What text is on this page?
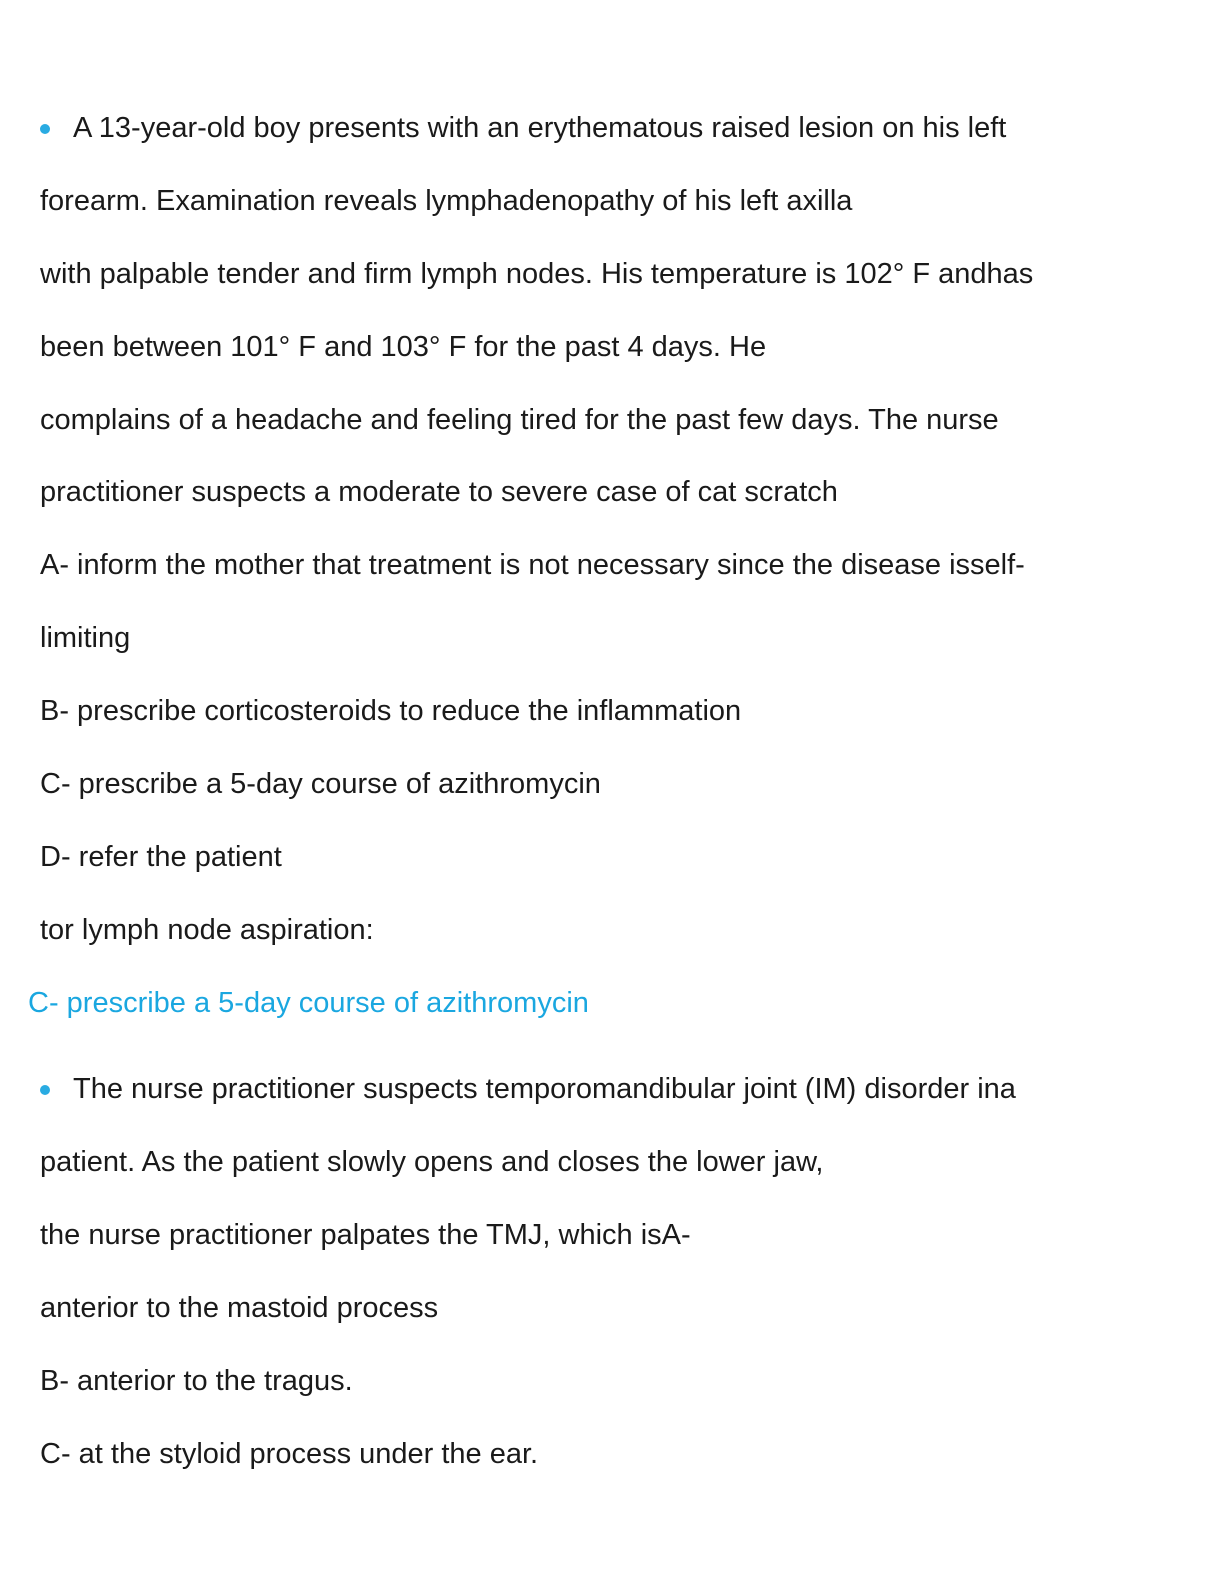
A 13-year-old boy presents with an erythematous raised lesion on his left
forearm. Examination reveals lymphadenopathy of his left axilla
with palpable tender and firm lymph nodes. His temperature is 102° F andhas
been between 101° F and 103° F for the past 4 days. He
complains of a headache and feeling tired for the past few days. The nurse
practitioner suspects a moderate to severe case of cat scratch
A- inform the mother that treatment is not necessary since the disease isself-
limiting
B- prescribe corticosteroids to reduce the inflammation
C- prescribe a 5-day course of azithromycin
D- refer the patient
tor lymph node aspiration:
C- prescribe a 5-day course of azithromycin
The nurse practitioner suspects temporomandibular joint (IM) disorder ina
patient. As the patient slowly opens and closes the lower jaw,
the nurse practitioner palpates the TMJ, which isA-
anterior to the mastoid process
B- anterior to the tragus.
C- at the styloid process under the ear.
